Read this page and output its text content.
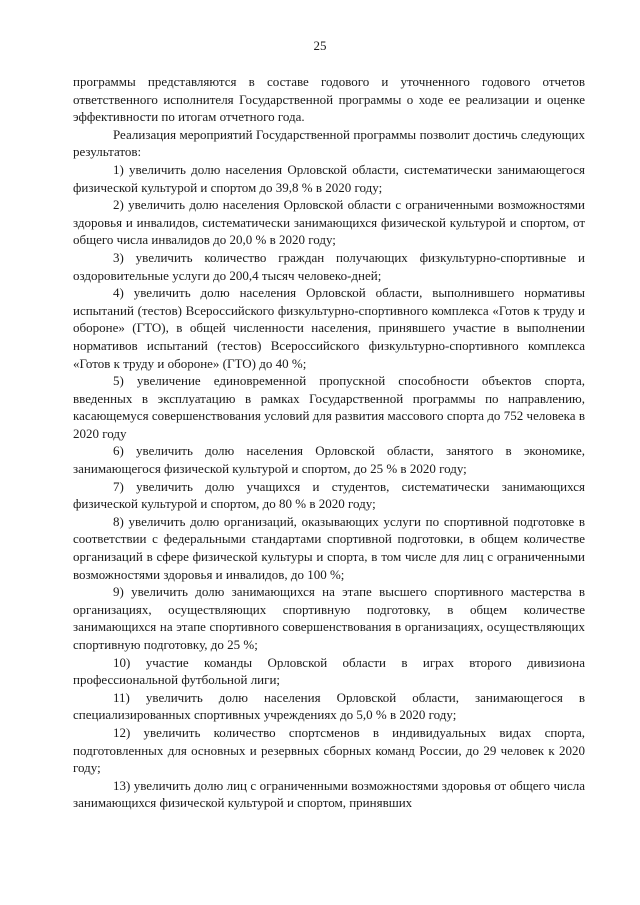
25

программы представляются в составе годового и уточненного годового отчетов ответственного исполнителя Государственной программы о ходе ее реализации и оценке эффективности по итогам отчетного года.

Реализация мероприятий Государственной программы позволит достичь следующих результатов:

1) увеличить долю населения Орловской области, систематически занимающегося физической культурой и спортом до 39,8 % в 2020 году;

2) увеличить долю населения Орловской области с ограниченными возможностями здоровья и инвалидов, систематически занимающихся физической культурой и спортом, от общего числа инвалидов до 20,0 % в 2020 году;

3) увеличить количество граждан получающих физкультурно-спортивные и оздоровительные услуги до 200,4 тысяч человеко-дней;

4) увеличить долю населения Орловской области, выполнившего нормативы испытаний (тестов) Всероссийского физкультурно-спортивного комплекса «Готов к труду и обороне» (ГТО), в общей численности населения, принявшего участие в выполнении нормативов испытаний (тестов) Всероссийского физкультурно-спортивного комплекса «Готов к труду и обороне» (ГТО) до 40 %;

5) увеличение единовременной пропускной способности объектов спорта, введенных в эксплуатацию в рамках Государственной программы по направлению, касающемуся совершенствования условий для развития массового спорта до 752 человека в 2020 году

6) увеличить долю населения Орловской области, занятого в экономике, занимающегося физической культурой и спортом, до 25 % в 2020 году;

7) увеличить долю учащихся и студентов, систематически занимающихся физической культурой и спортом, до 80 % в 2020 году;

8) увеличить долю организаций, оказывающих услуги по спортивной подготовке в соответствии с федеральными стандартами спортивной подготовки, в общем количестве организаций в сфере физической культуры и спорта, в том числе для лиц с ограниченными возможностями здоровья и инвалидов, до 100 %;

9) увеличить долю занимающихся на этапе высшего спортивного мастерства в организациях, осуществляющих спортивную подготовку, в общем количестве занимающихся на этапе спортивного совершенствования в организациях, осуществляющих спортивную подготовку, до 25 %;

10) участие команды Орловской области в играх второго дивизиона профессиональной футбольной лиги;

11) увеличить долю населения Орловской области, занимающегося в специализированных спортивных учреждениях до 5,0 % в 2020 году;

12) увеличить количество спортсменов в индивидуальных видах спорта, подготовленных для основных и резервных сборных команд России, до 29 человек к 2020 году;

13) увеличить долю лиц с ограниченными возможностями здоровья от общего числа занимающихся физической культурой и спортом, принявших
